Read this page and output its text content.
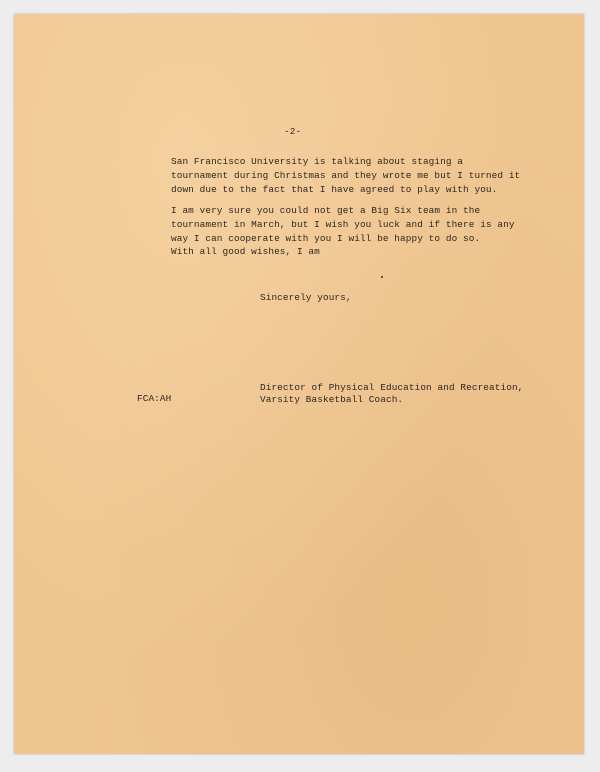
-2-
San Francisco University is talking about staging a
tournament during Christmas and they wrote me but I turned it
down due to the fact that I have agreed to play with you.
I am very sure you could not get a Big Six team in the
tournament in March, but I wish you luck and if there is any
way I can cooperate with you I will be happy to do so.
With all good wishes, I am
Sincerely yours,
Director of Physical Education and Recreation,
Varsity Basketball Coach.
FCA:AH
